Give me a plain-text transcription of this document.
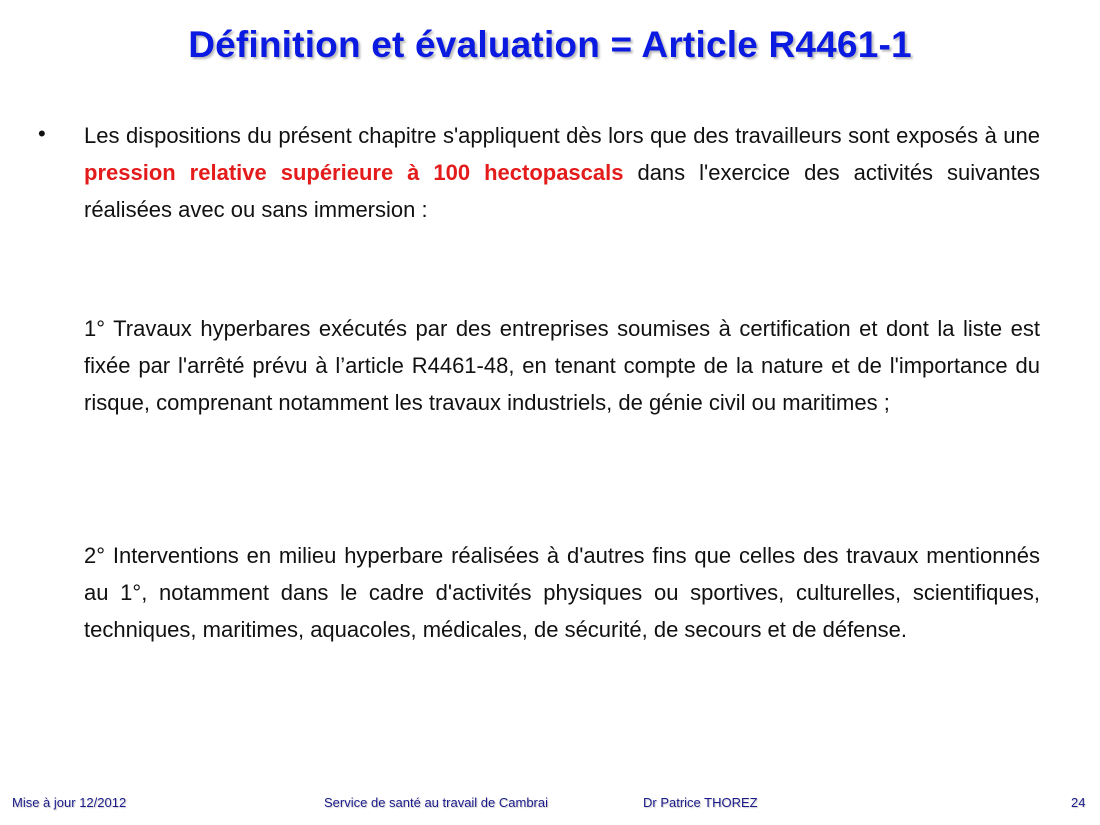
Définition et évaluation = Article R4461-1
• Les dispositions du présent chapitre s'appliquent dès lors que des travailleurs sont exposés à une pression relative supérieure à 100 hectopascals dans l'exercice des activités suivantes réalisées avec ou sans immersion :

1° Travaux hyperbares exécutés par des entreprises soumises à certification et dont la liste est fixée par l'arrêté prévu à l’article R4461-48, en tenant compte de la nature et de l'importance du risque, comprenant notamment les travaux industriels, de génie civil ou maritimes ;

2° Interventions en milieu hyperbare réalisées à d'autres fins que celles des travaux mentionnés au 1°, notamment dans le cadre d'activités physiques ou sportives, culturelles, scientifiques, techniques, maritimes, aquacoles, médicales, de sécurité, de secours et de défense.

Mise à jour 12/2012	Service de santé au travail de Cambrai	Dr Patrice THOREZ	24
